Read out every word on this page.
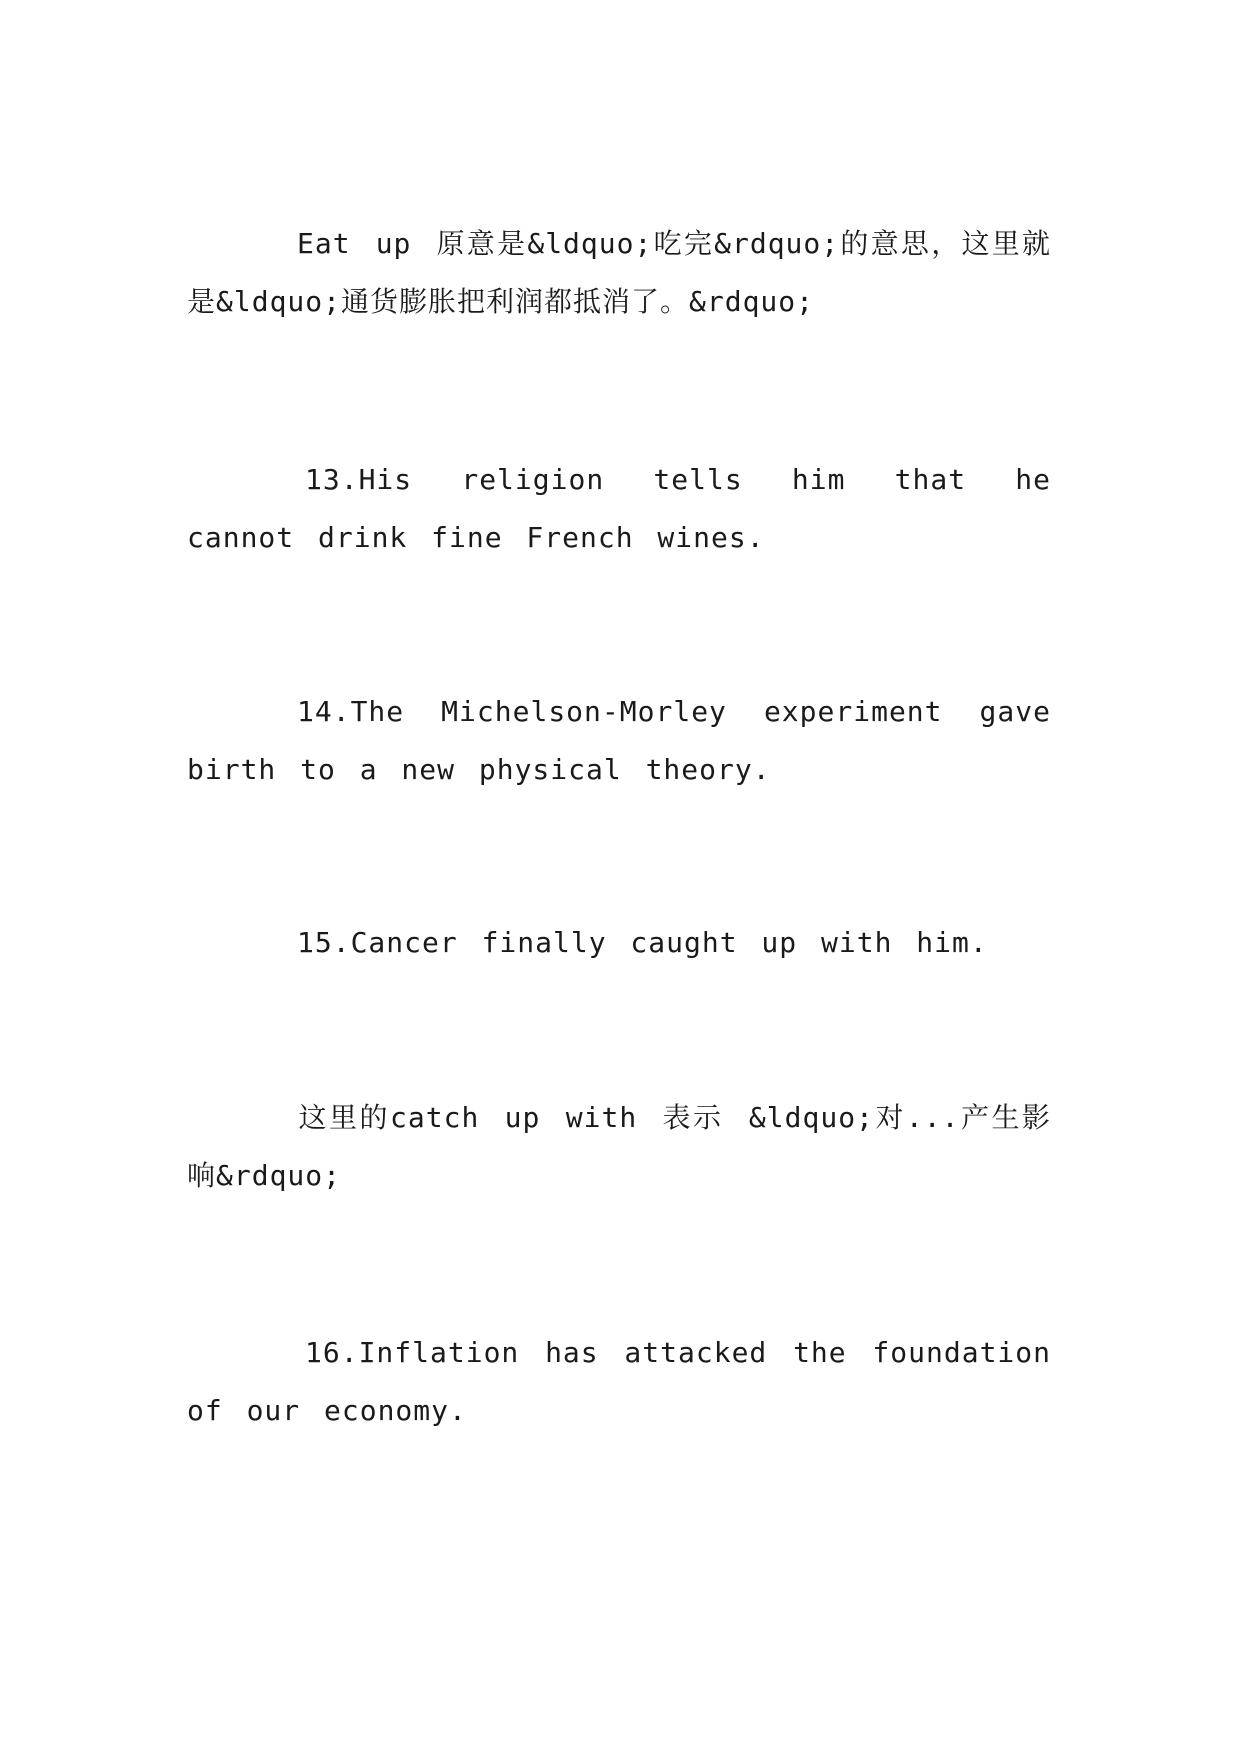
Eat up 原意是&ldquo;吃完&rdquo;的意思，这里就是&ldquo;通货膨胀把利润都抵消了。&rdquo;

13.His religion tells him that he cannot drink fine French wines.

14.The Michelson-Morley experiment gave birth to a new physical theory.

15.Cancer finally caught up with him.

这里的catch up with 表示 &ldquo;对...产生影响&rdquo;

16.Inflation has attacked the foundation of our economy.
